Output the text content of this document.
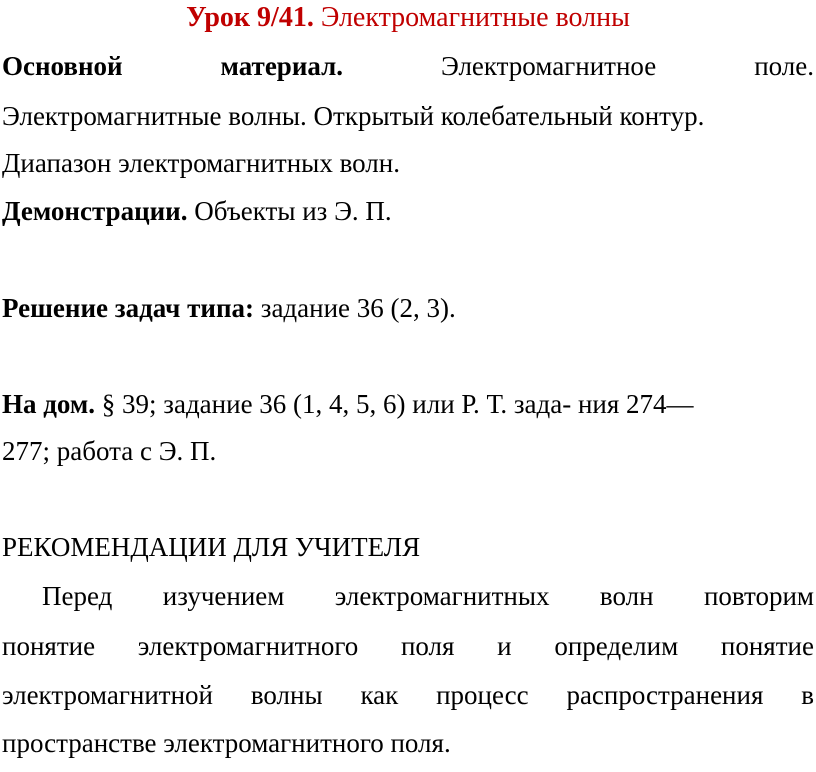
Урок 9/41. Электромагнитные волны
Основной	материал.	Электромагнитное	поле.
Электромагнитные волны. Открытый колебательный контур.
Диапазон электромагнитных волн.
Демонстрации. Объекты из Э. П.
Решение задач типа: задание 36 (2, 3).
На дом. § 39; задание 36 (1, 4, 5, 6) или Р. Т. зада- ния 274—
277; работа с Э. П.
РЕКОМЕНДАЦИИ ДЛЯ УЧИТЕЛЯ
Перед изучением электромагнитных волн повторим
понятие электромагнитного поля и определим понятие
электромагнитной волны как процесс распространения в
пространстве электромагнитного поля.
